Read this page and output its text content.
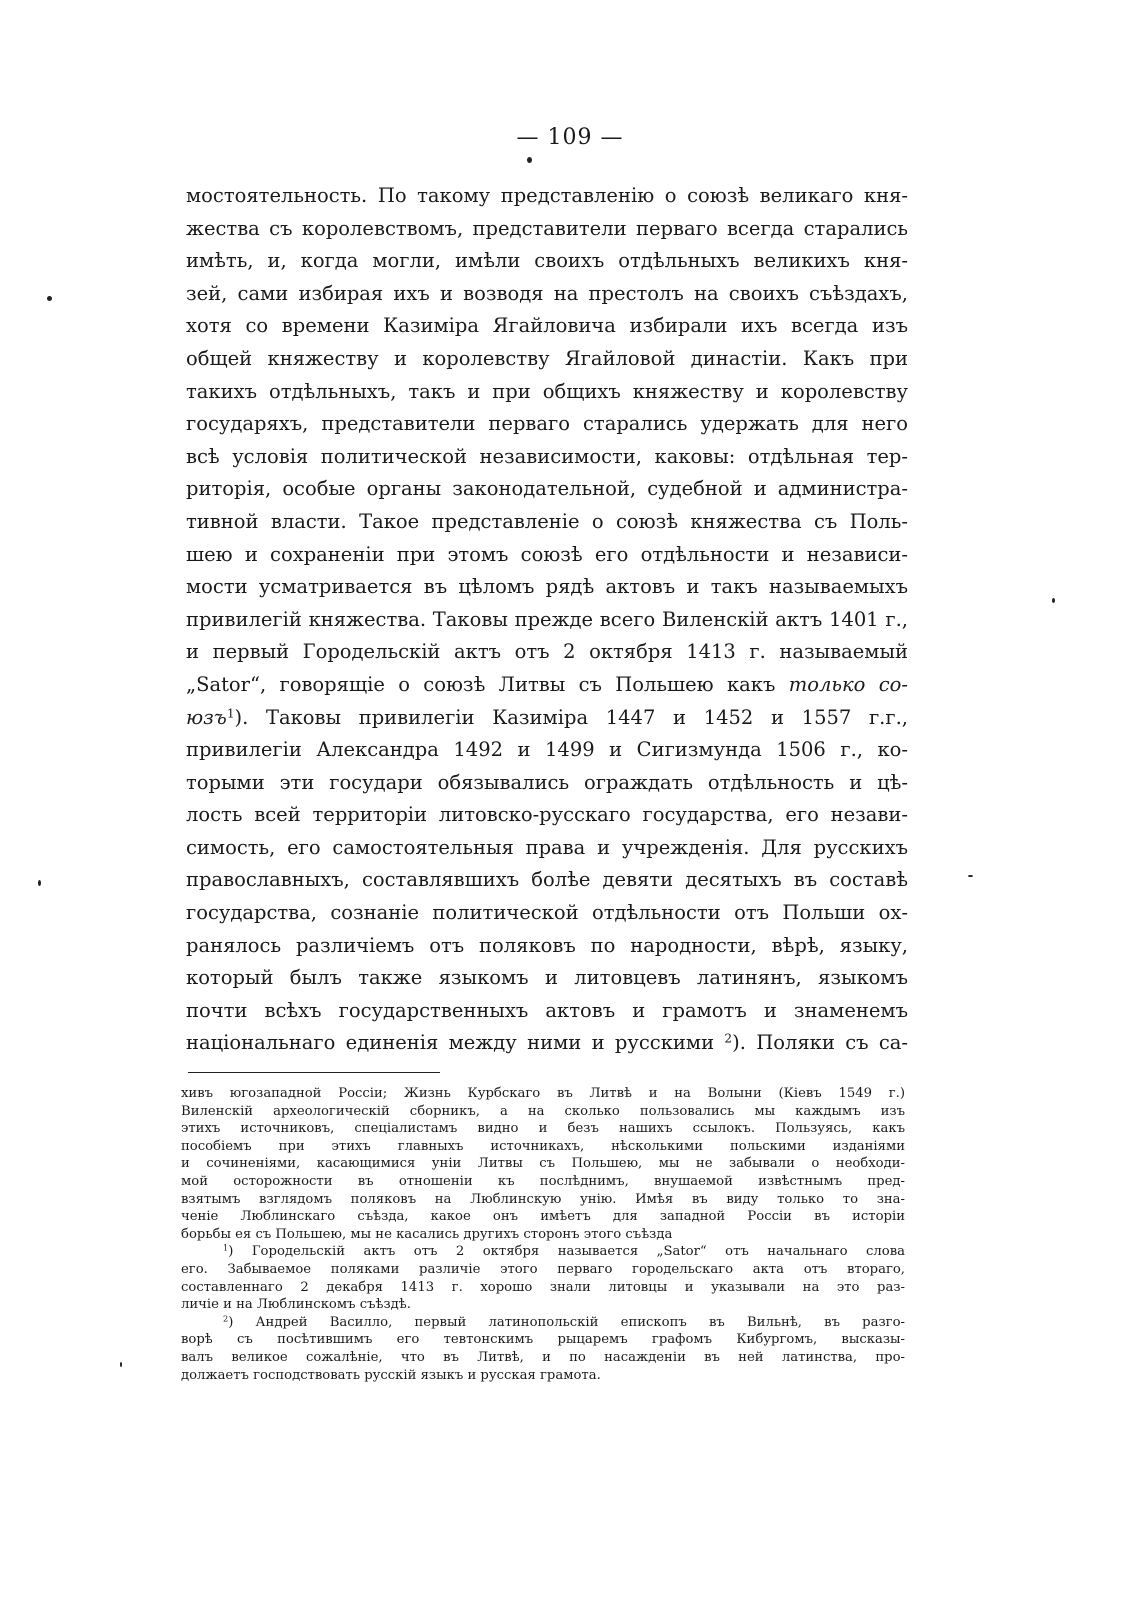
— 109 —
мостоятельность. По такому представленію о союзѣ великаго кня-
жества съ королевствомъ, представители перваго всегда старались
имѣть, и, когда могли, имѣли своихъ отдѣльныхъ великихъ кня-
зей, сами избирая ихъ и возводя на престолъ на своихъ съѣздахъ,
хотя со времени Казиміра Ягайловича избирали ихъ всегда изъ
общей княжеству и королевству Ягайловой династіи. Какъ при
такихъ отдѣльныхъ, такъ и при общихъ княжеству и королевству
государяхъ, представители перваго старались удержать для него
всѣ условія политической независимости, каковы: отдѣльная тер-
риторія, особые органы законодательной, судебной и администра-
тивной власти. Такое представленіе о союзѣ княжества съ Поль-
шею и сохраненіи при этомъ союзѣ его отдѣльности и независи-
мости усматривается въ цѣломъ рядѣ актовъ и такъ называемыхъ
привилегій княжества. Таковы прежде всего Виленскій актъ 1401 г.,
и первый Городельскій актъ отъ 2 октября 1413 г. называемый
„Sator“, говорящіе о союзѣ Литвы съ Польшею какъ только со-
юзъ$^1$). Таковы привилегіи Казиміра 1447 и 1452 и 1557 г.г.,
привилегіи Александра 1492 и 1499 и Сигизмунда 1506 г., ко-
торыми эти государи обязывались ограждать отдѣльность и цѣ-
лость всей территоріи литовско-русскаго государства, его незави-
симость, его самостоятельныя права и учрежденія. Для русскихъ
православныхъ, составлявшихъ болѣе девяти десятыхъ въ составѣ
государства, сознаніе политической отдѣльности отъ Польши ох-
ранялось различіемъ отъ поляковъ по народности, вѣрѣ, языку,
который былъ также языкомъ и литовцевъ латинянъ, языкомъ
почти всѣхъ государственныхъ актовъ и грамотъ и знаменемъ
національнаго единенія между ними и русскими $^2$). Поляки съ са-
хивъ югозападной Россіи; Жизнь Курбскаго въ Литвѣ и на Волыни (Кіевъ 1549 г.)
Виленскій археологическій сборникъ, а на сколько пользовались мы каждымъ изъ
этихъ источниковъ, спеціалистамъ видно и безъ нашихъ ссылокъ. Пользуясь, какъ
пособіемъ при этихъ главныхъ источникахъ, нѣсколькими польскими изданіями
и сочиненіями, касающимися уніи Литвы съ Польшею, мы не забывали о необходи-
мой осторожности въ отношеніи къ послѣднимъ, внушаемой извѣстнымъ пред-
взятымъ взглядомъ поляковъ на Люблинскую унію. Имѣя въ виду только то зна-
ченіе Люблинскаго съѣзда, какое онъ имѣетъ для западной Россіи въ исторіи
борьбы ея съ Польшею, мы не касались другихъ сторонъ этого съѣзда
$^1$) Городельскій актъ отъ 2 октября называется „Sator“ отъ начальнаго слова
его. Забываемое поляками различіе этого перваго городельскаго акта отъ втораго,
составленнаго 2 декабря 1413 г. хорошо знали литовцы и указывали на это раз-
личіе и на Люблинскомъ съѣздѣ.
$^2$) Андрей Василло, первый латинопольскій епископъ въ Вильнѣ, въ разго-
ворѣ съ посѣтившимъ его тевтонскимъ рыцаремъ графомъ Кибургомъ, высказы-
валъ великое сожалѣніе, что въ Литвѣ, и по насажденіи въ ней латинства, про-
должаетъ господствовать русскій языкъ и русская грамота.
